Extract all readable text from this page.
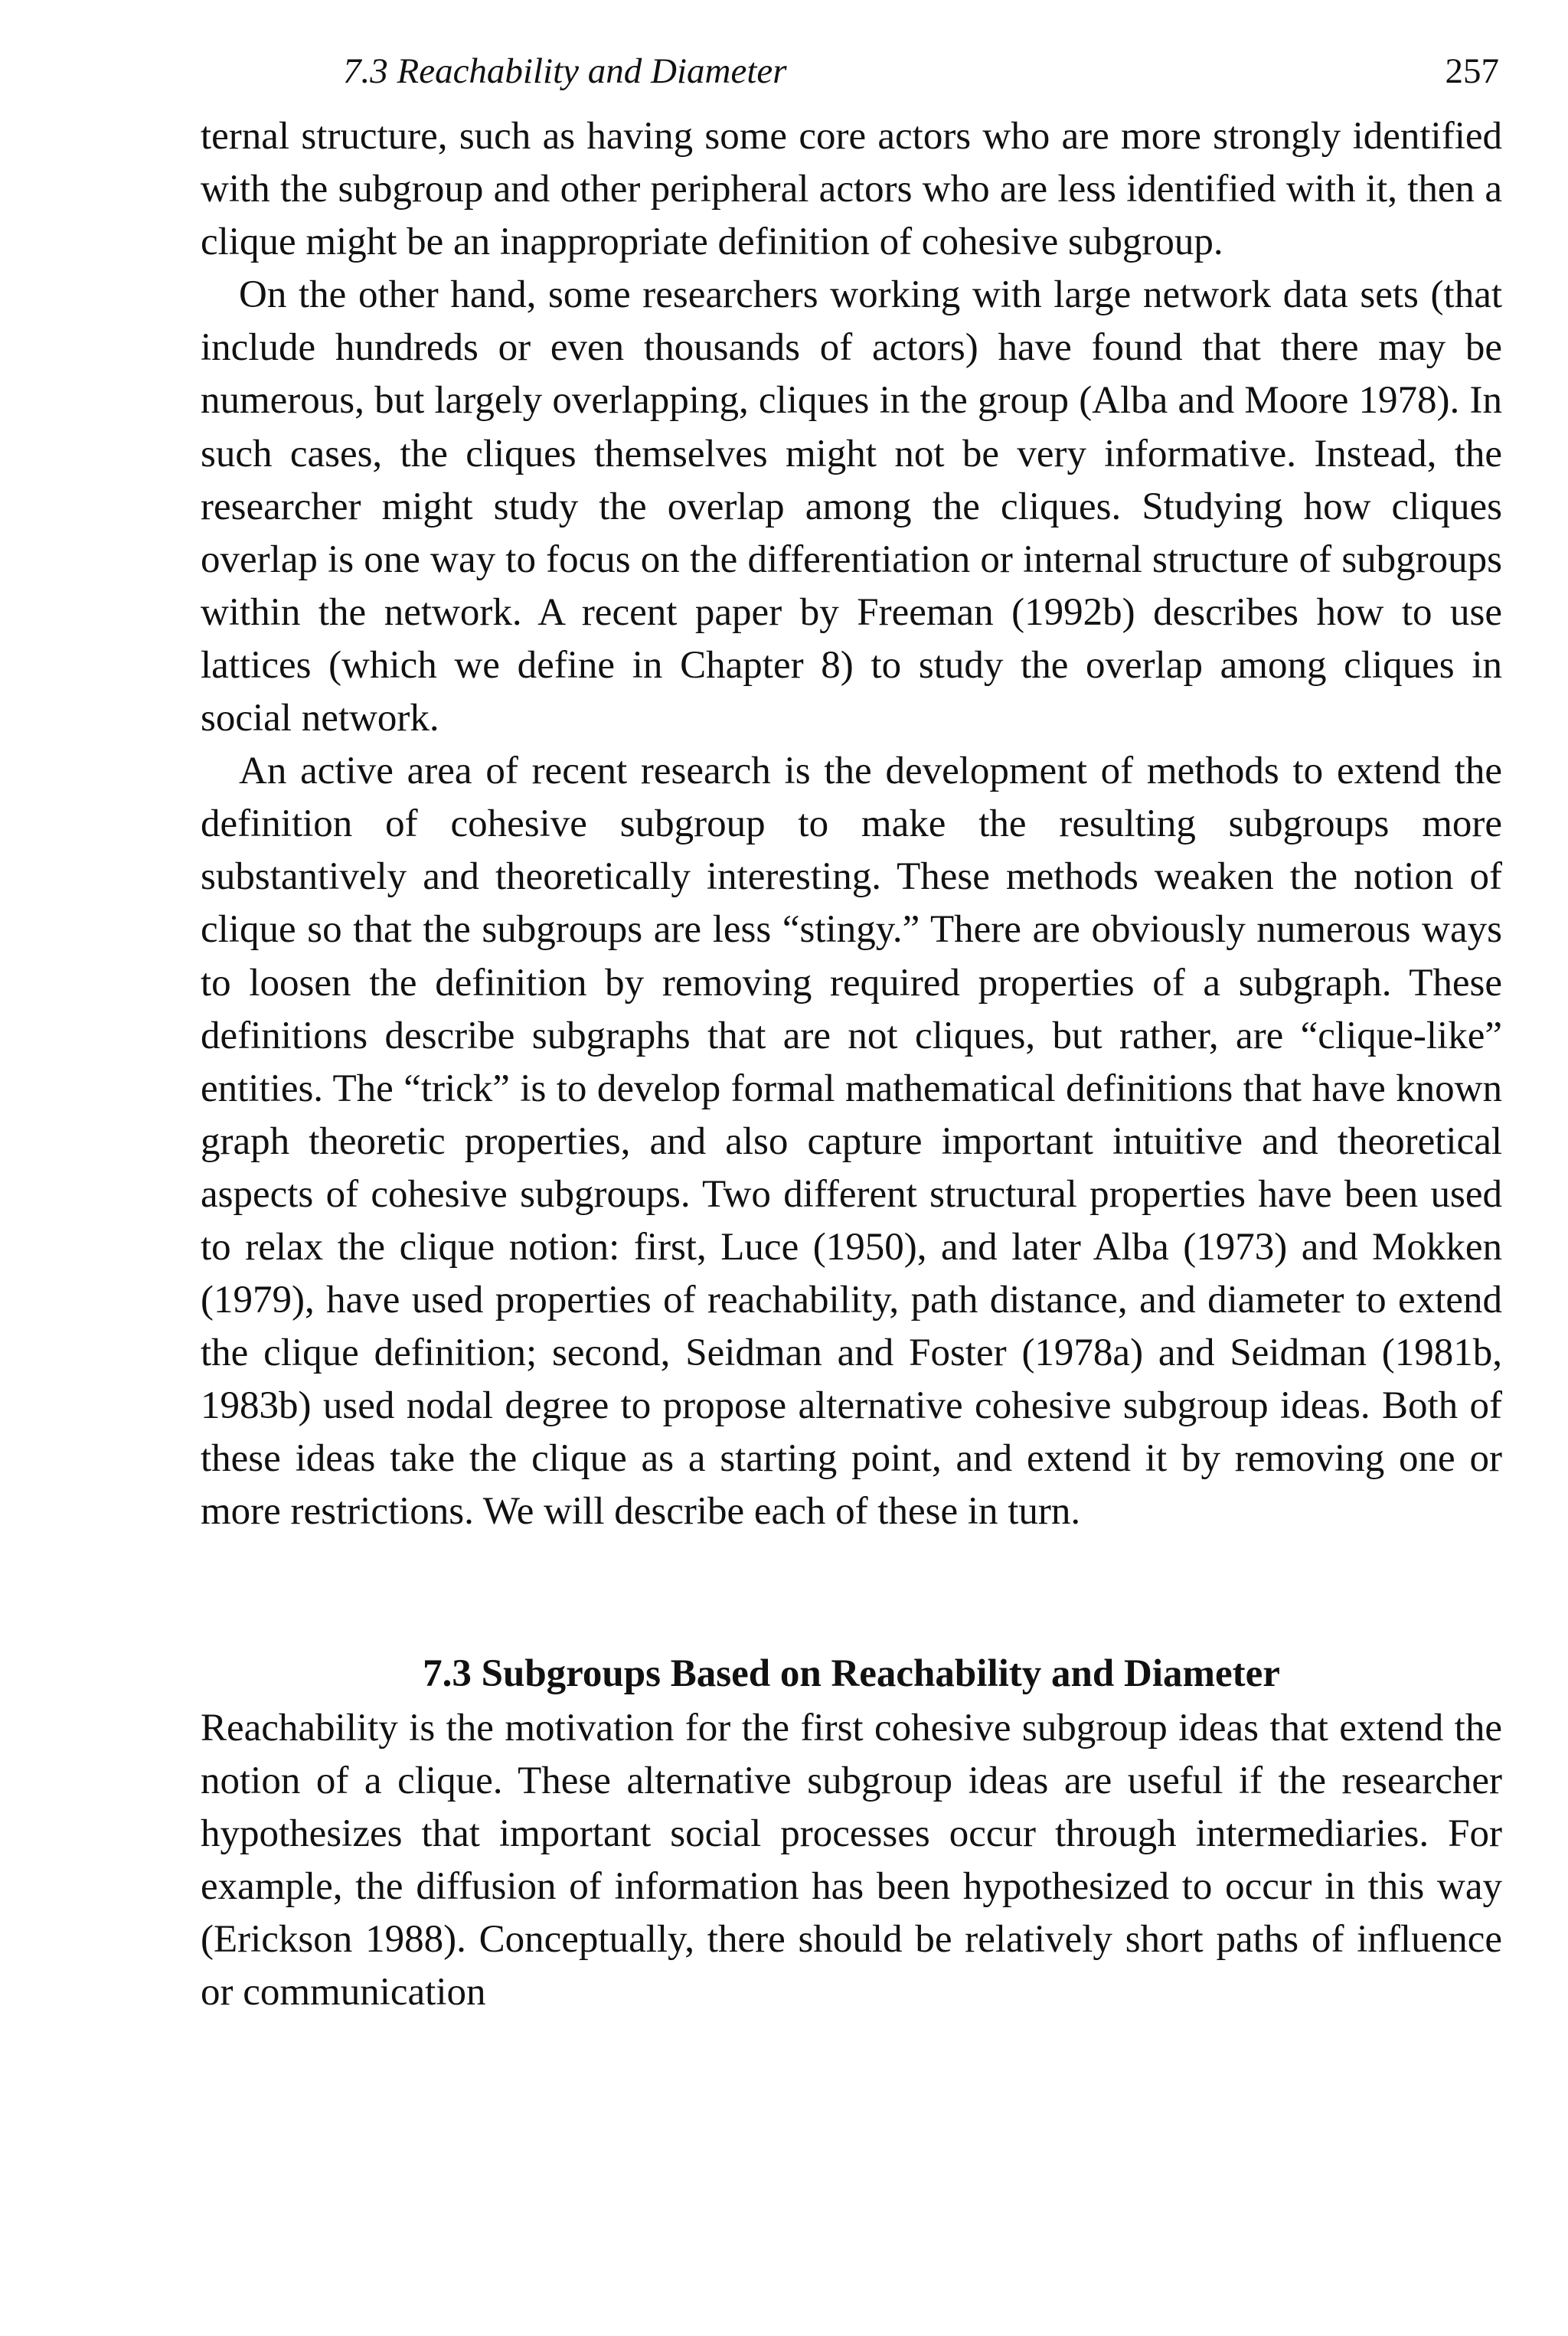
7.3 Reachability and Diameter	257

ternal structure, such as having some core actors who are more strongly identified with the subgroup and other peripheral actors who are less identified with it, then a clique might be an inappropriate definition of cohesive subgroup.

On the other hand, some researchers working with large network data sets (that include hundreds or even thousands of actors) have found that there may be numerous, but largely overlapping, cliques in the group (Alba and Moore 1978). In such cases, the cliques themselves might not be very informative. Instead, the researcher might study the overlap among the cliques. Studying how cliques overlap is one way to focus on the differentiation or internal structure of subgroups within the network. A recent paper by Freeman (1992b) describes how to use lattices (which we define in Chapter 8) to study the overlap among cliques in social network.

An active area of recent research is the development of methods to extend the definition of cohesive subgroup to make the resulting subgroups more substantively and theoretically interesting. These methods weaken the notion of clique so that the subgroups are less “stingy.” There are obviously numerous ways to loosen the definition by removing required properties of a subgraph. These definitions describe subgraphs that are not cliques, but rather, are “clique-like” entities. The “trick” is to develop formal mathematical definitions that have known graph theoretic properties, and also capture important intuitive and theoretical aspects of cohesive subgroups. Two different structural properties have been used to relax the clique notion: first, Luce (1950), and later Alba (1973) and Mokken (1979), have used properties of reachability, path distance, and diameter to extend the clique definition; second, Seidman and Foster (1978a) and Seidman (1981b, 1983b) used nodal degree to propose alternative cohesive subgroup ideas. Both of these ideas take the clique as a starting point, and extend it by removing one or more restrictions. We will describe each of these in turn.

7.3 Subgroups Based on Reachability and Diameter

Reachability is the motivation for the first cohesive subgroup ideas that extend the notion of a clique. These alternative subgroup ideas are useful if the researcher hypothesizes that important social processes occur through intermediaries. For example, the diffusion of information has been hypothesized to occur in this way (Erickson 1988). Conceptually, there should be relatively short paths of influence or communication
